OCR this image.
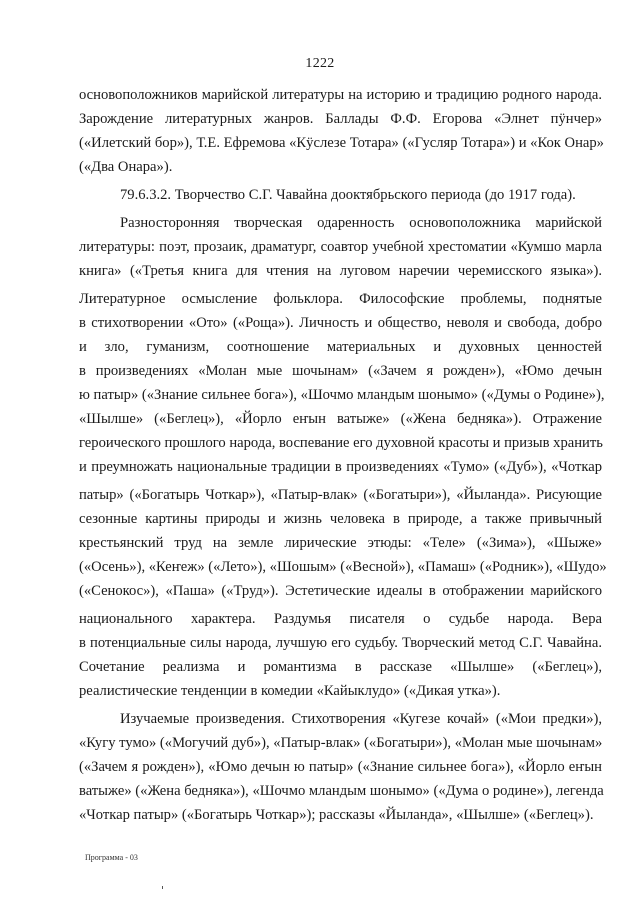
1222
основоположников марийской литературы на историю и традицию родного народа.
Зарождение литературных жанров. Баллады Ф.Ф. Егорова «Элнет пӱнчер»
(«Илетский бор»), Т.Е. Ефремова «Кӱслезе Тотара» («Гусляр Тотара») и «Кок Онар»
(«Два Онара»).
79.6.3.2. Творчество С.Г. Чавайна дооктябрьского периода (до 1917 года).
Разносторонняя творческая одаренность основоположника марийской
литературы: поэт, прозаик, драматург, соавтор учебной хрестоматии «Кумшо марла
книга» («Третья книга для чтения на луговом наречии черемисского языка»).
Литературное осмысление фольклора. Философские проблемы, поднятые
в стихотворении «Ото» («Роща»). Личность и общество, неволя и свобода, добро
и зло, гуманизм, соотношение материальных и духовных ценностей
в произведениях «Молан мые шочынам» («Зачем я рожден»), «Юмо дечын
ю патыр» («Знание сильнее бога»), «Шочмо мландым шонымо» («Думы о Родине»),
«Шылше» («Беглец»), «Йорло еҥын ватыже» («Жена бедняка»). Отражение
героического прошлого народа, воспевание его духовной красоты и призыв хранить
и преумножать национальные традиции в произведениях «Тумо» («Дуб»), «Чоткар
патыр» («Богатырь Чоткар»), «Патыр-влак» («Богатыри»), «Йыланда». Рисующие
сезонные картины природы и жизнь человека в природе, а также привычный
крестьянский труд на земле лирические этюды: «Теле» («Зима»), «Шыже»
(«Осень»), «Кеҥеж» («Лето»), «Шошым» («Весной»), «Памаш» («Родник»), «Шудо»
(«Сенокос»), «Паша» («Труд»). Эстетические идеалы в отображении марийского
национального характера. Раздумья писателя о судьбе народа. Вера
в потенциальные силы народа, лучшую его судьбу. Творческий метод С.Г. Чавайна.
Сочетание реализма и романтизма в рассказе «Шылше» («Беглец»),
реалистические тенденции в комедии «Кайыклудо» («Дикая утка»).
Изучаемые произведения. Стихотворения «Кугезе кочай» («Мои предки»),
«Кугу тумо» («Могучий дуб»), «Патыр-влак» («Богатыри»), «Молан мые шочынам»
(«Зачем я рожден»), «Юмо дечын ю патыр» («Знание сильнее бога»), «Йорло еҥын
ватыже» («Жена бедняка»), «Шочмо мландым шонымо» («Дума о родине»), легенда
«Чоткар патыр» («Богатырь Чоткар»); рассказы «Йыланда», «Шылше» («Беглец»).
Программа - 03
